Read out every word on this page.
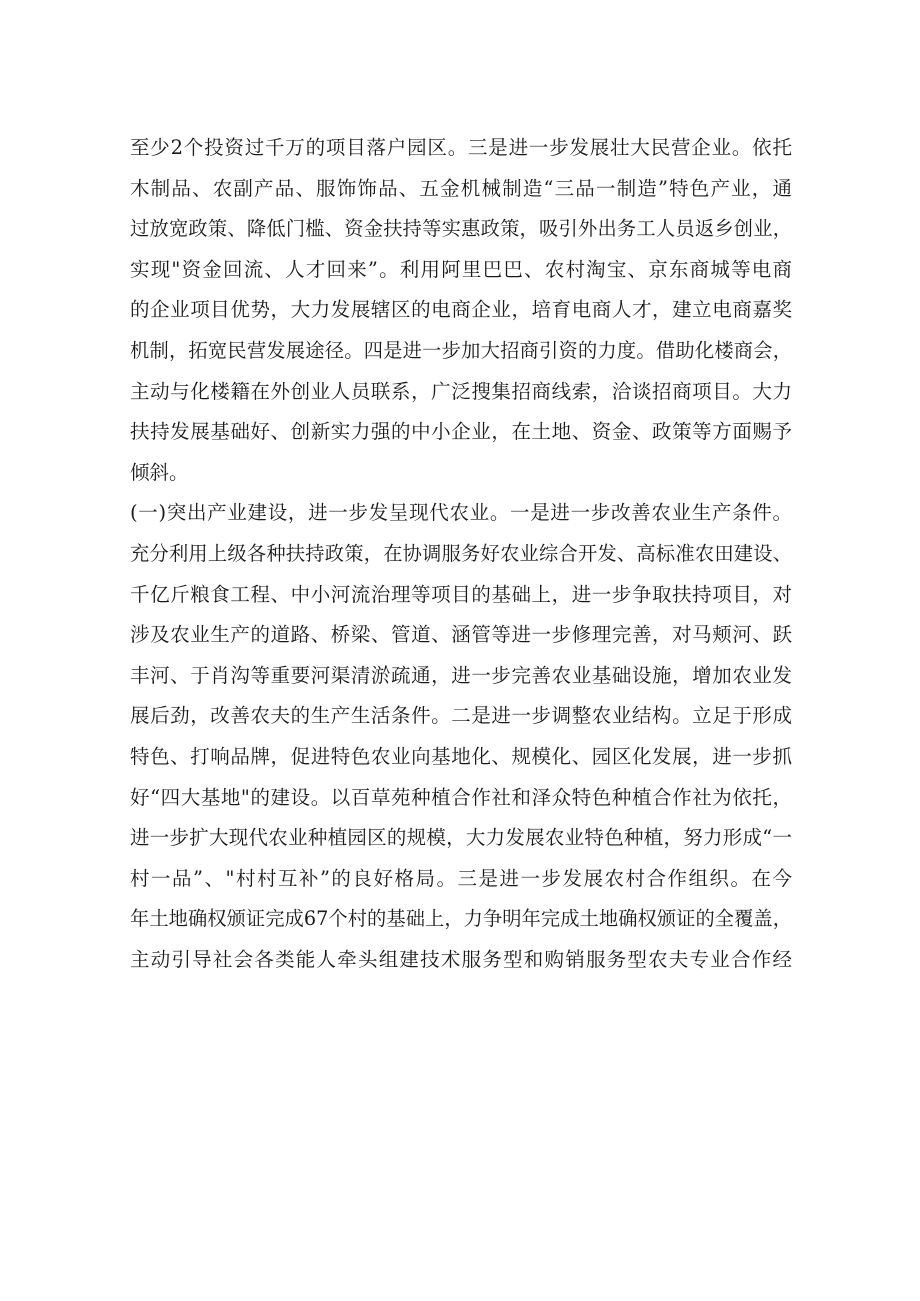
至少2个投资过千万的项目落户园区。三是进一步发展壮大民营企业。依托
木制品、农副产品、服饰饰品、五金机械制造“三品一制造”特色产业，通
过放宽政策、降低门槛、资金扶持等实惠政策，吸引外出务工人员返乡创业，
实现"资金回流、人才回来”。利用阿里巴巴、农村淘宝、京东商城等电商
的企业项目优势，大力发展辖区的电商企业，培育电商人才，建立电商嘉奖
机制，拓宽民营发展途径。四是进一步加大招商引资的力度。借助化楼商会，
主动与化楼籍在外创业人员联系，广泛搜集招商线索，洽谈招商项目。大力
扶持发展基础好、创新实力强的中小企业，在土地、资金、政策等方面赐予
倾斜。
(一)突出产业建设，进一步发呈现代农业。一是进一步改善农业生产条件。
充分利用上级各种扶持政策，在协调服务好农业综合开发、高标准农田建设、
千亿斤粮食工程、中小河流治理等项目的基础上，进一步争取扶持项目，对
涉及农业生产的道路、桥梁、管道、涵管等进一步修理完善，对马颊河、跃
丰河、于肖沟等重要河渠清淤疏通，进一步完善农业基础设施，增加农业发
展后劲，改善农夫的生产生活条件。二是进一步调整农业结构。立足于形成
特色、打响品牌，促进特色农业向基地化、规模化、园区化发展，进一步抓
好“四大基地"的建设。以百草苑种植合作社和泽众特色种植合作社为依托，
进一步扩大现代农业种植园区的规模，大力发展农业特色种植，努力形成“一
村一品”、"村村互补”的良好格局。三是进一步发展农村合作组织。在今
年土地确权颁证完成67个村的基础上，力争明年完成土地确权颁证的全覆盖，
主动引导社会各类能人牵头组建技术服务型和购销服务型农夫专业合作经
